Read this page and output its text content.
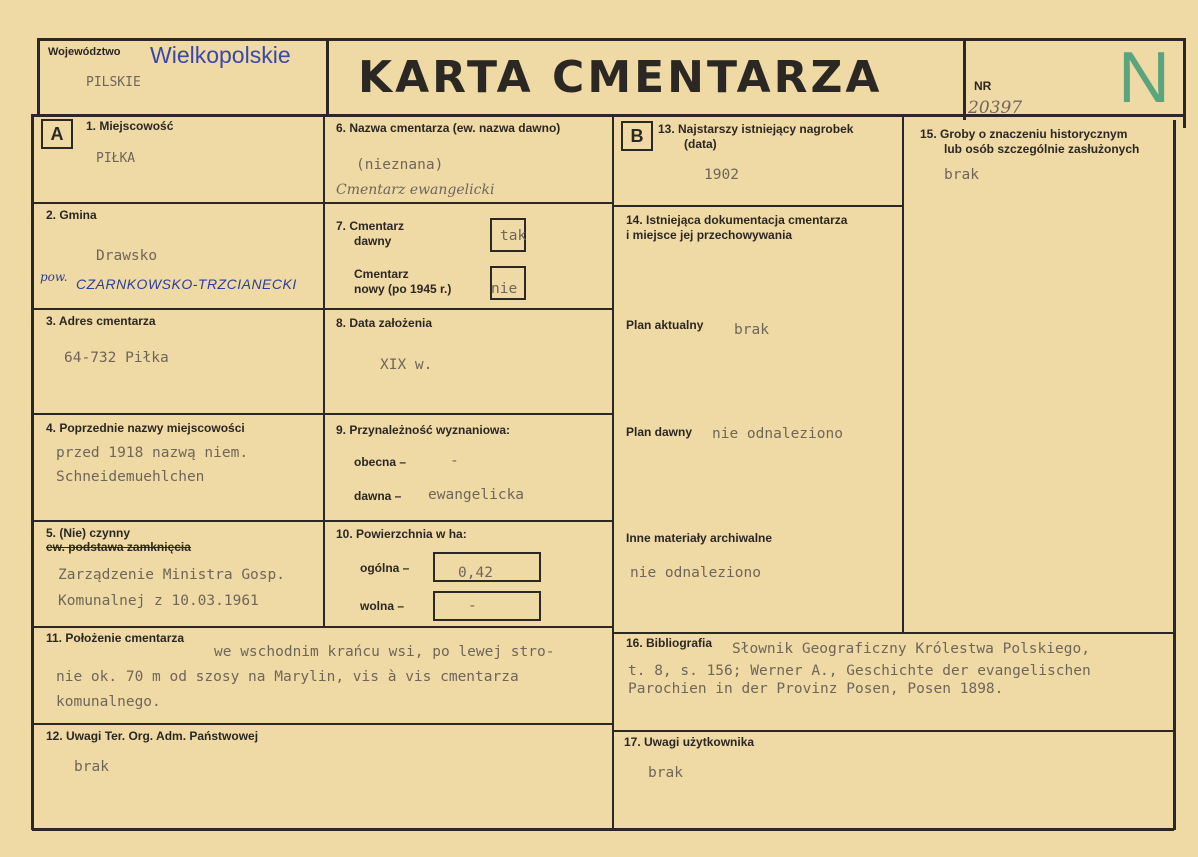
Województwo Wielkopolskie
PILSKIE	KARTA CMENTARZA	NR
20397 N
A	B
1. Miejscowość
PIŁKA
2. Gmina
Drawsko
pow. CZARNKOWSKO-TRZCIANECKI
3. Adres cmentarza
64-732 Piłka
4. Poprzednie nazwy miejscowości
przed 1918 nazwą niem.
Schneidemuehlchen
5. (Nie) czynny
ew. podstawa zamknięcia
Zarządzenie Ministra Gosp.
Komunalnej z 10.03.1961
6. Nazwa cmentarza (ew. nazwa dawno)
(nieznana)
Cmentarz ewangelicki
7. Cmentarz
dawny	tak
Cmentarz
nowy (po 1945 r.)	nie
8. Data założenia
XIX w.
9. Przynależność wyznaniowa:
obecna –	-
dawna – ewangelicka
10. Powierzchnia w ha:
ogólna –	0,42
wolna –	-
11. Położenie cmentarza
we wschodnim krańcu wsi, po lewej stro-
nie ok. 70 m od szosy na Marylin, vis à vis cmentarza
komunalnego.
12. Uwagi Ter. Org. Adm. Państwowej
brak
13. Najstarszy istniejący nagrobek
(data)
1902
14. Istniejąca dokumentacja cmentarza
i miejsce jej przechowywania
Plan aktualny brak
Plan dawny nie odnaleziono
Inne materiały archiwalne
nie odnaleziono
15. Groby o znaczeniu historycznym
lub osób szczególnie zasłużonych
brak
16. Bibliografia Słownik Geograficzny Królestwa Polskiego,
t. 8, s. 156; Werner A., Geschichte der evangelischen
Parochien in der Provinz Posen, Posen 1898.
17. Uwagi użytkownika
brak
